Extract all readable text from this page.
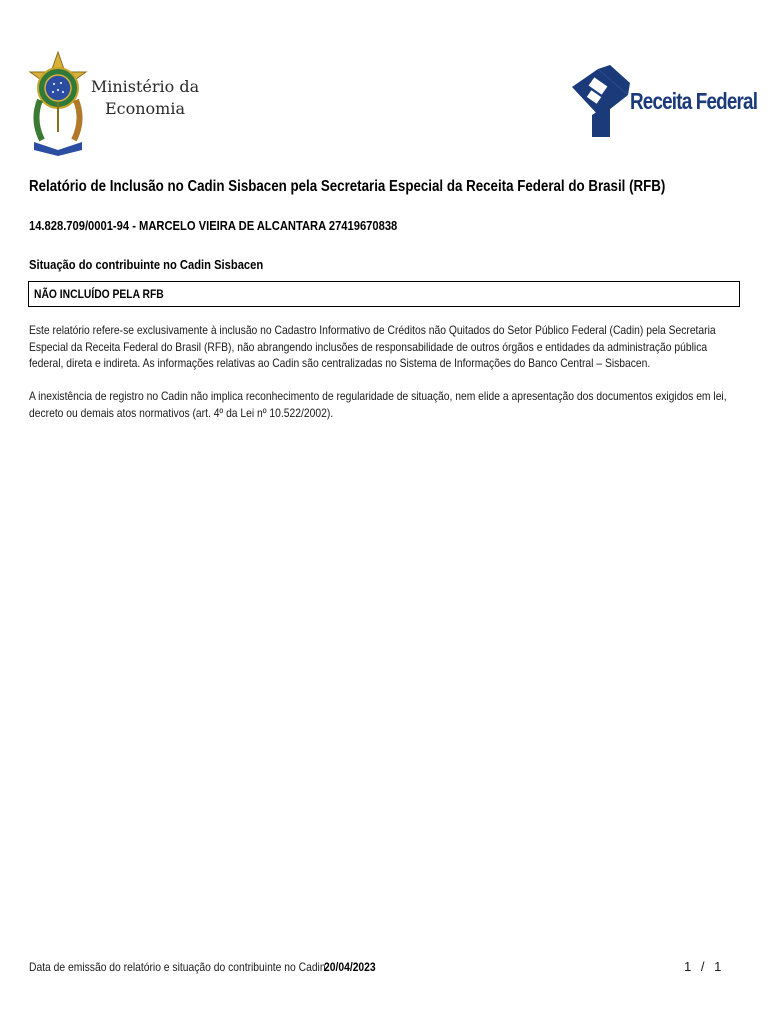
Ministério da
Economia	Receita Federal
Relatório de Inclusão no Cadin Sisbacen pela Secretaria Especial da Receita Federal do Brasil (RFB)
14.828.709/0001-94 - MARCELO VIEIRA DE ALCANTARA 27419670838
Situação do contribuinte no Cadin Sisbacen
NÃO INCLUÍDO PELA RFB
Este relatório refere-se exclusivamente à inclusão no Cadastro Informativo de Créditos não Quitados do Setor Público Federal (Cadin) pela Secretaria Especial da Receita Federal do Brasil (RFB), não abrangendo inclusões de responsabilidade de outros órgãos e entidades da administração pública federal, direta e indireta. As informações relativas ao Cadin são centralizadas no Sistema de Informações do Banco Central – Sisbacen.
A inexistência de registro no Cadin não implica reconhecimento de regularidade de situação, nem elide a apresentação dos documentos exigidos em lei, decreto ou demais atos normativos (art. 4º da Lei nº 10.522/2002).
Data de emissão do relatório e situação do contribuinte no Cadin
20/04/2023	1 / 1
